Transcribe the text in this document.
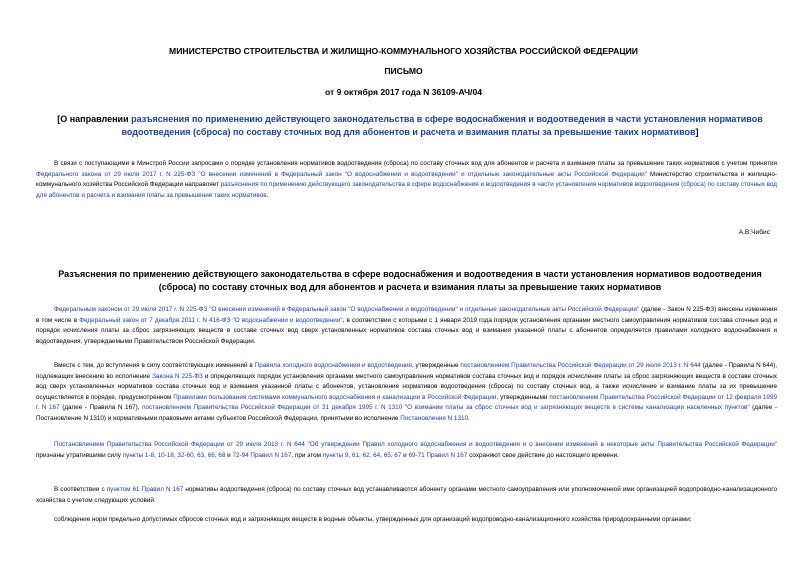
МИНИСТЕРСТВО СТРОИТЕЛЬСТВА И ЖИЛИЩНО-КОММУНАЛЬНОГО ХОЗЯЙСТВА РОССИЙСКОЙ ФЕДЕРАЦИИ
ПИСЬМО
от 9 октября 2017 года N 36109-АЧ/04
[О направлении разъяснения по применению действующего законодательства в сфере водоснабжения и водоотведения в части установления нормативов водоотведения (сброса) по составу сточных вод для абонентов и расчета и взимания платы за превышение таких нормативов]
В связи с поступающими в Минстрой России запросами о порядке установления нормативов водоотведения (сброса) по составу сточных вод для абонентов и расчета и взимания платы за превышение таких нормативов с учетом принятия Федерального закона от 29 июля 2017 г. N 225-ФЗ "О внесении изменений в Федеральный закон "О водоснабжении и водоотведении" и отдельные законодательные акты Российской Федерации" Министерство строительства и жилищно-коммунального хозяйства Российской Федерации направляет разъяснения по применению действующего законодательства в сфере водоснабжения и водоотведения в части установления нормативов водоотведения (сброса) по составу сточных вод для абонентов и расчета и взимания платы за превышение таких нормативов.
А.В.Чибис
Разъяснения по применению действующего законодательства в сфере водоснабжения и водоотведения в части установления нормативов водоотведения (сброса) по составу сточных вод для абонентов и расчета и взимания платы за превышение таких нормативов
Федеральным законом от 29 июля 2017 г. N 225-ФЗ "О внесении изменений в Федеральный закон "О водоснабжении и водоотведении" и отдельные законодательные акты Российской Федерации" (далее - Закон N 225-ФЗ) внесены изменения в том числе в Федеральный закон от 7 декабря 2011 г. N 416-ФЗ "О водоснабжении и водоотведении", в соответствии с которыми с 1 января 2019 года порядок установления органами местного самоуправления нормативов состава сточных вод и порядок исчисления платы за сброс загрязняющих веществ в составе сточных вод сверх установленных нормативов состава сточных вод и взимания указанной платы с абонентов определяется правилами холодного водоснабжения и водоотведения, утверждаемыми Правительством Российской Федерации.
Вместе с тем, до вступления в силу соответствующих изменений в Правила холодного водоснабжения и водоотведения, утвержденные постановлением Правительства Российской Федерации от 29 июля 2013 г. N 644 (далее - Правила N 644), подлежащих внесению во исполнение Закона N 225-ФЗ и определяющих порядок установления органами местного самоуправления нормативов состава сточных вод и порядок исчисления платы за сброс загрязняющих веществ в составе сточных вод сверх установленных нормативов состава сточных вод и взимания указанной платы с абонентов, установление нормативов водоотведения (сброса) по составу сточных вод, а также исчисление и взимание платы за их превышение осуществляется в порядке, предусмотренном Правилами пользования системами коммунального водоснабжения и канализации в Российской Федерации, утвержденными постановлением Правительства Российской Федерации от 12 февраля 1999 г. N 167 (далее - Правила N 167), постановлением Правительства Российской Федерации от 31 декабря 1995 г. N 1310 "О взимании платы за сброс сточных вод и загрязняющих веществ в системы канализации населенных пунктов" (далее - Постановление N 1310) и нормативными правовыми актами субъектов Российской Федерации, принятыми во исполнение Постановления N 1310.
Постановлением Правительства Российской Федерации от 29 июля 2013 г. N 644 "Об утверждении Правил холодного водоснабжения и водоотведения и о внесении изменений в некоторые акты Правительства Российской Федерации" признаны утратившими силу пункты 1-8, 10-18, 32-60, 63, 66, 68 и 72-94 Правил N 167, при этом пункты 9, 61, 62, 64, 65, 67 и 69-71 Правил N 167 сохраняют свое действие до настоящего времени.
В соответствии с пунктом 61 Правил N 167 нормативы водоотведения (сброса) по составу сточных вод устанавливаются абоненту органами местного самоуправления или уполномоченной ими организацией водопроводно-канализационного хозяйства с учетом следующих условий:
соблюдение норм предельно допустимых сбросов сточных вод и загрязняющих веществ в водные объекты, утвержденных для организаций водопроводно-канализационного хозяйства природоохранными органами;
